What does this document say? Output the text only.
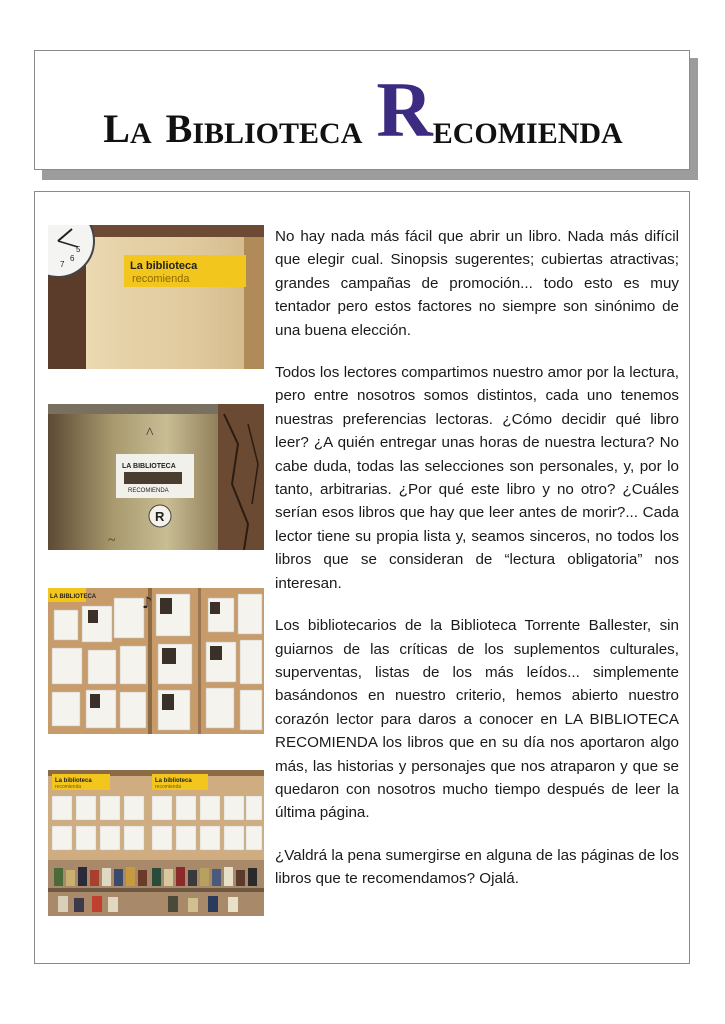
L A B IBLIOTECA R ECOMIENDA
7
6
5
La biblioteca
recomienda
^
LA BIBLIOTECA
RECOMIENDA
R
~
LA BIBLIOTECA	♪
La biblioteca
recomienda
La biblioteca
recomienda

No hay nada más fácil que abrir un libro. Nada más difícil que elegir cual. Sinopsis sugerentes; cubiertas atractivas; grandes campañas de promoción... todo esto es muy tentador pero estos factores no siempre son sinónimo de una buena elección.

Todos los lectores compartimos nuestro amor por la lectura, pero entre nosotros somos distintos, cada uno tenemos nuestras preferencias lectoras. ¿Cómo decidir qué libro leer? ¿A quién entregar unas horas de nuestra lectura? No cabe duda, todas las selecciones son personales, y, por lo tanto, arbitrarias. ¿Por qué este libro y no otro? ¿Cuáles serían esos libros que hay que leer antes de morir?... Cada lector tiene su propia lista y, seamos sinceros, no todos los libros que se consideran de “lectura obligatoria” nos interesan.

Los bibliotecarios de la Biblioteca Torrente Ballester, sin guiarnos de las críticas de los suplementos culturales, superventas, listas de los más leídos... simplemente basándonos en nuestro criterio, hemos abierto nuestro corazón lector para daros a conocer en LA BIBLIOTECA RECOMIENDA los libros que en su día nos aportaron algo más, las historias y personajes que nos atraparon y que se quedaron con nosotros mucho tiempo después de leer la última página.

¿Valdrá la pena sumergirse en alguna de las páginas de los libros que te recomendamos? Ojalá.
